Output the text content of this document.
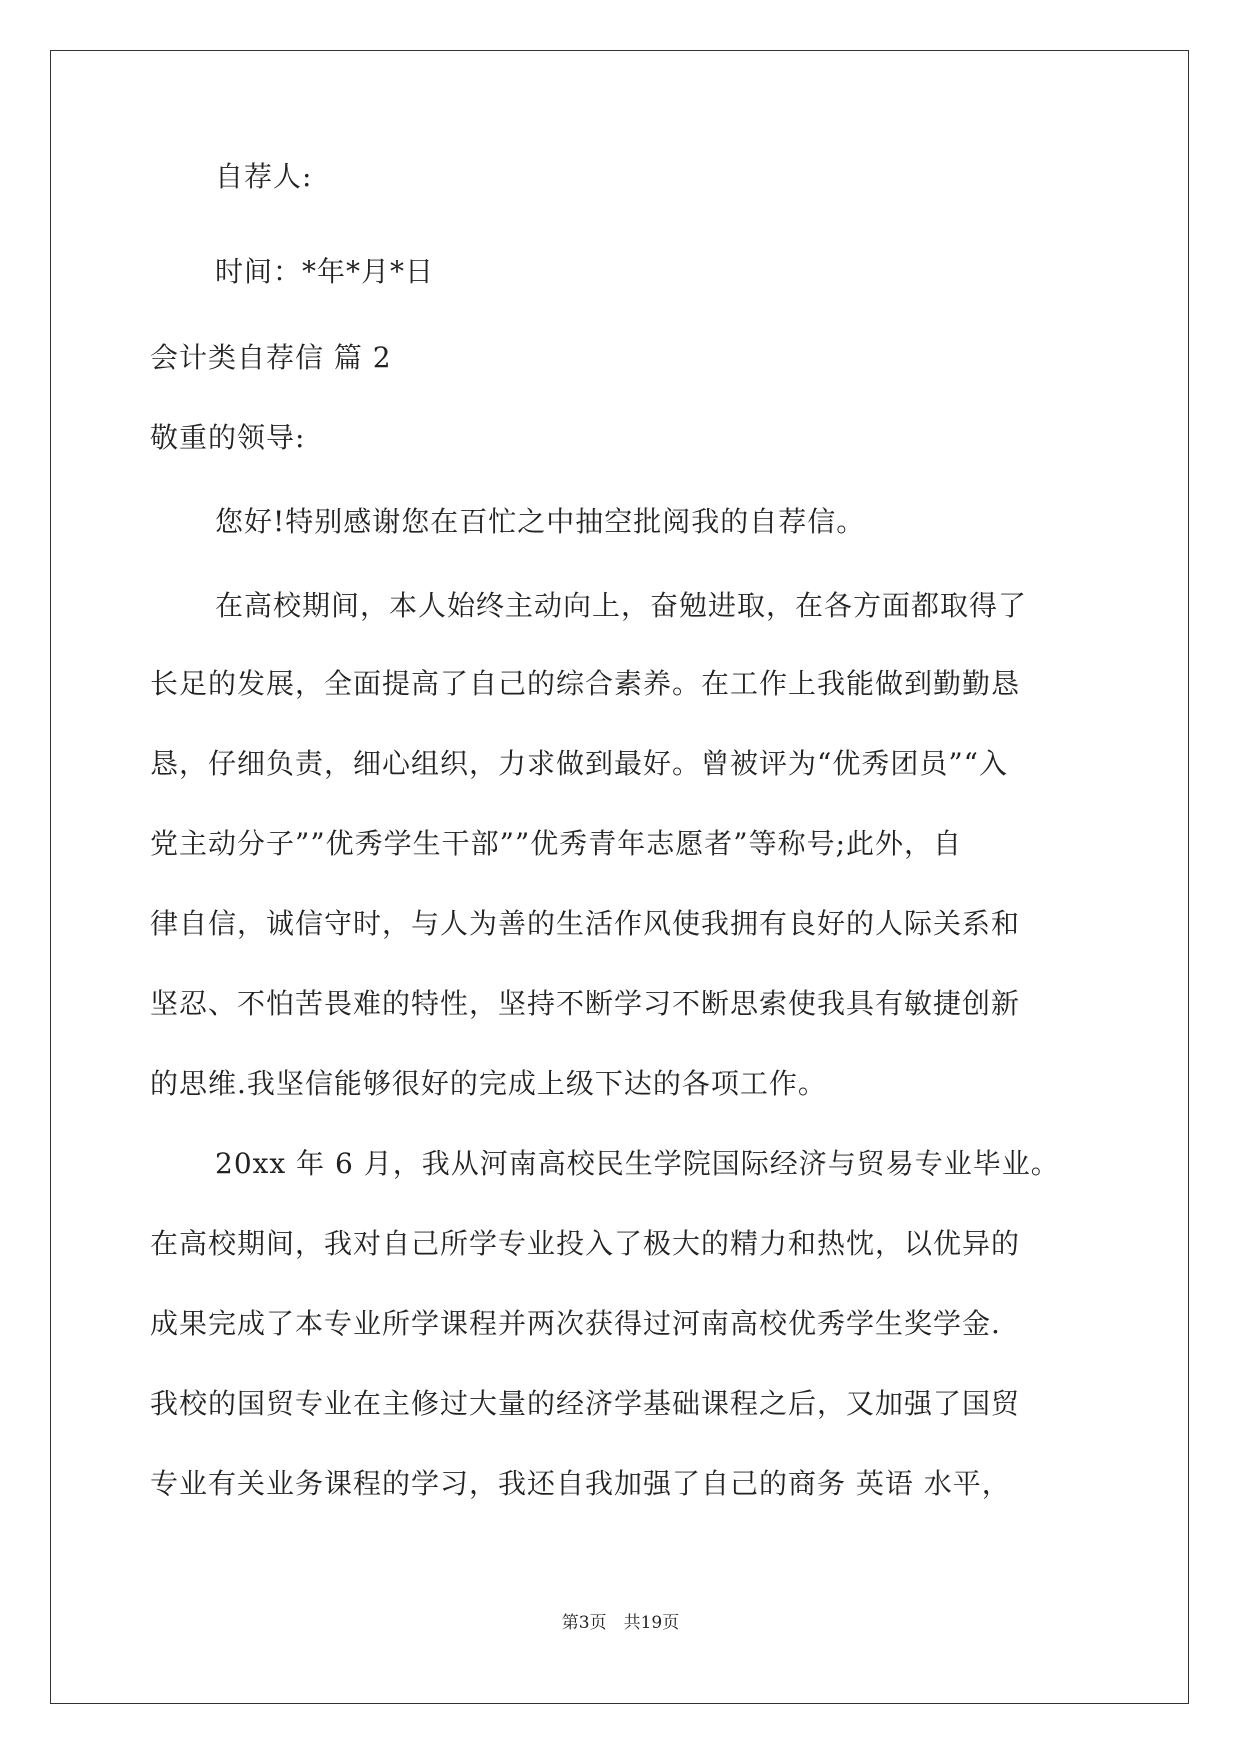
自荐人:
时间：*年*月*日
会计类自荐信 篇 2
敬重的领导:
您好!特别感谢您在百忙之中抽空批阅我的自荐信。
在高校期间，本人始终主动向上，奋勉进取，在各方面都取得了
长足的发展，全面提高了自己的综合素养。在工作上我能做到勤勤恳
恳，仔细负责，细心组织，力求做到最好。曾被评为“优秀团员”“入
党主动分子””优秀学生干部””优秀青年志愿者”等称号;此外，自
律自信，诚信守时，与人为善的生活作风使我拥有良好的人际关系和
坚忍、不怕苦畏难的特性，坚持不断学习不断思索使我具有敏捷创新
的思维.我坚信能够很好的完成上级下达的各项工作。
20xx 年 6 月，我从河南高校民生学院国际经济与贸易专业毕业。
在高校期间，我对自己所学专业投入了极大的精力和热忱，以优异的
成果完成了本专业所学课程并两次获得过河南高校优秀学生奖学金.
我校的国贸专业在主修过大量的经济学基础课程之后，又加强了国贸
专业有关业务课程的学习，我还自我加强了自己的商务 英语 水平，
第3页　共19页
